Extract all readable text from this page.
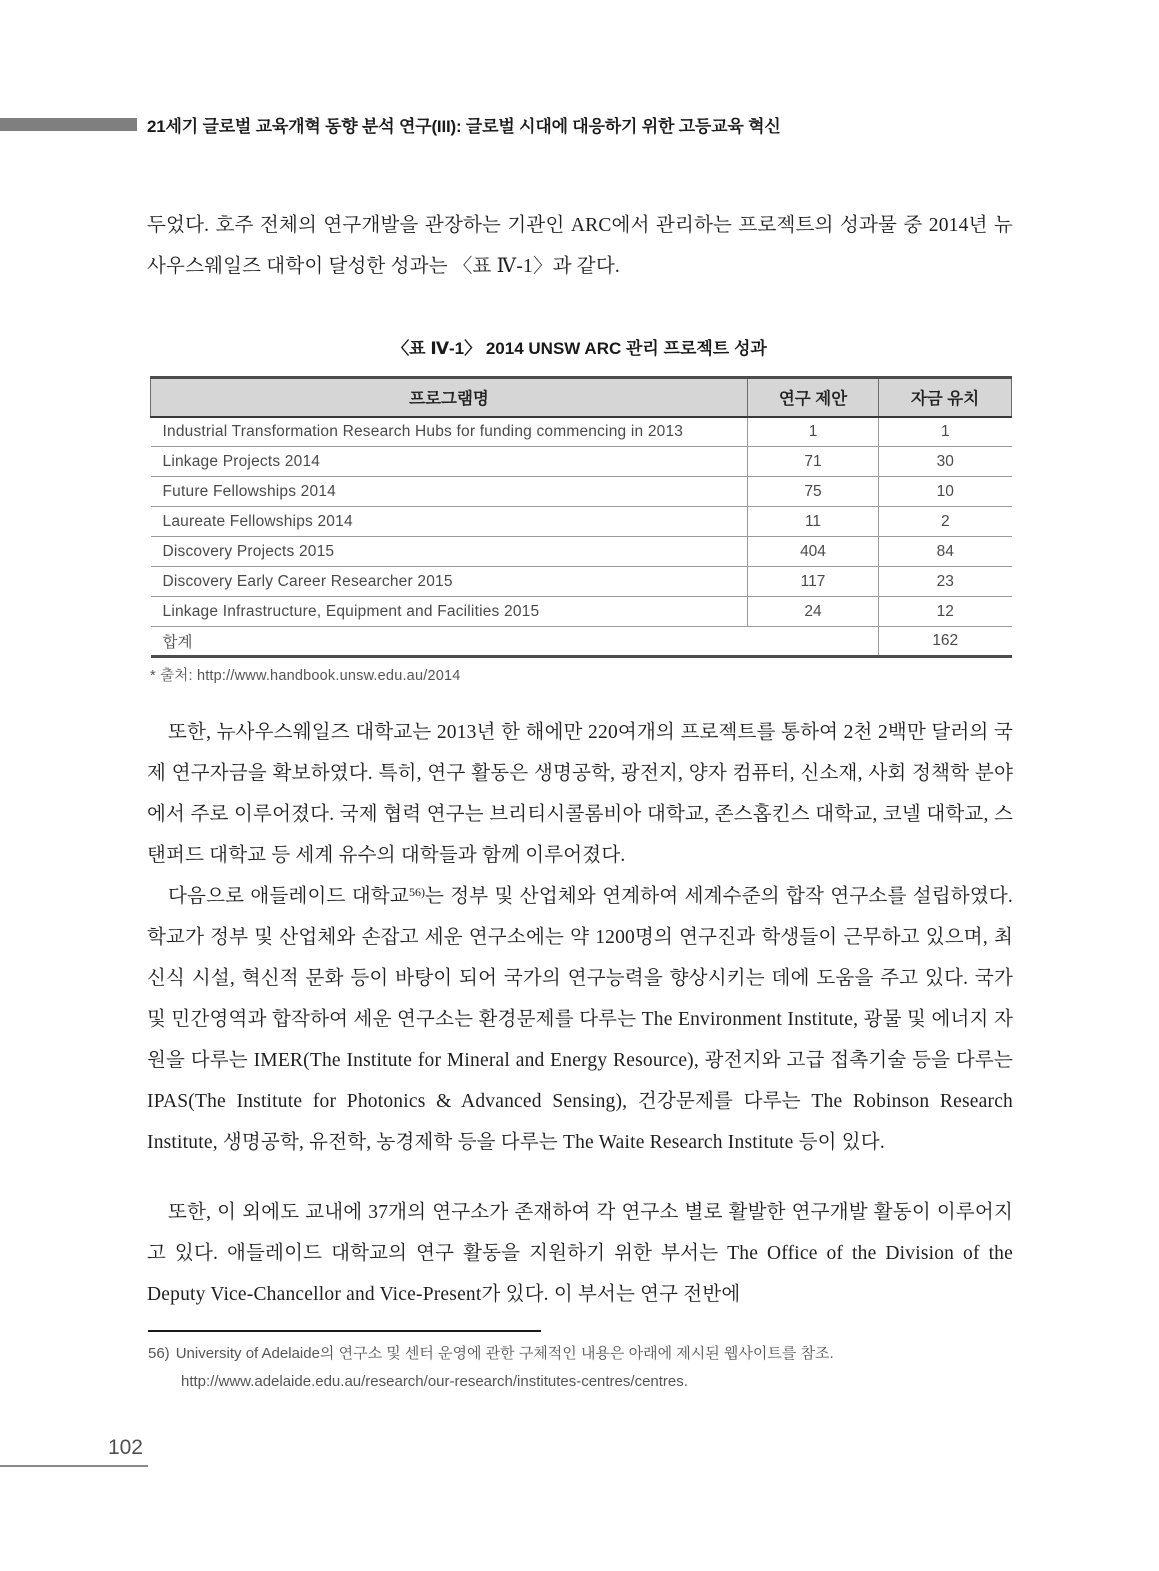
21세기 글로벌 교육개혁 동향 분석 연구(III): 글로벌 시대에 대응하기 위한 고등교육 혁신

두었다. 호주 전체의 연구개발을 관장하는 기관인 ARC에서 관리하는 프로젝트의 성과물 중 2014년 뉴사우스웨일즈 대학이 달성한 성과는 〈표 Ⅳ-1〉과 같다.

〈표 Ⅳ-1〉 2014 UNSW ARC 관리 프로젝트 성과
프로그램명	연구 제안	자금 유치
Industrial Transformation Research Hubs for funding commencing in 2013	1	1
Linkage Projects 2014	71	30
Future Fellowships 2014	75	10
Laureate Fellowships 2014	11	2
Discovery Projects 2015	404	84
Discovery Early Career Researcher 2015	117	23
Linkage Infrastructure, Equipment and Facilities 2015	24	12
합계		162
* 출처: http://www.handbook.unsw.edu.au/2014

또한, 뉴사우스웨일즈 대학교는 2013년 한 해에만 220여개의 프로젝트를 통하여 2천 2백만 달러의 국제 연구자금을 확보하였다. 특히, 연구 활동은 생명공학, 광전지, 양자 컴퓨터, 신소재, 사회 정책학 분야에서 주로 이루어졌다. 국제 협력 연구는 브리티시콜롬비아 대학교, 존스홉킨스 대학교, 코넬 대학교, 스탠퍼드 대학교 등 세계 유수의 대학들과 함께 이루어졌다.

다음으로 애들레이드 대학교$^{56)}$는 정부 및 산업체와 연계하여 세계수준의 합작 연구소를 설립하였다. 학교가 정부 및 산업체와 손잡고 세운 연구소에는 약 1200명의 연구진과 학생들이 근무하고 있으며, 최신식 시설, 혁신적 문화 등이 바탕이 되어 국가의 연구능력을 향상시키는 데에 도움을 주고 있다. 국가 및 민간영역과 합작하여 세운 연구소는 환경문제를 다루는 The Environment Institute, 광물 및 에너지 자원을 다루는 IMER(The Institute for Mineral and Energy Resource), 광전지와 고급 접촉기술 등을 다루는 IPAS(The Institute for Photonics & Advanced Sensing), 건강문제를 다루는 The Robinson Research Institute, 생명공학, 유전학, 농경제학 등을 다루는 The Waite Research Institute 등이 있다.

또한, 이 외에도 교내에 37개의 연구소가 존재하여 각 연구소 별로 활발한 연구개발 활동이 이루어지고 있다. 애들레이드 대학교의 연구 활동을 지원하기 위한 부서는 The Office of the Division of the Deputy Vice-Chancellor and Vice-Present가 있다. 이 부서는 연구 전반에

56) University of Adelaide의 연구소 및 센터 운영에 관한 구체적인 내용은 아래에 제시된 웹사이트를 참조.
http://www.adelaide.edu.au/research/our-research/institutes-centres/centres.
102
